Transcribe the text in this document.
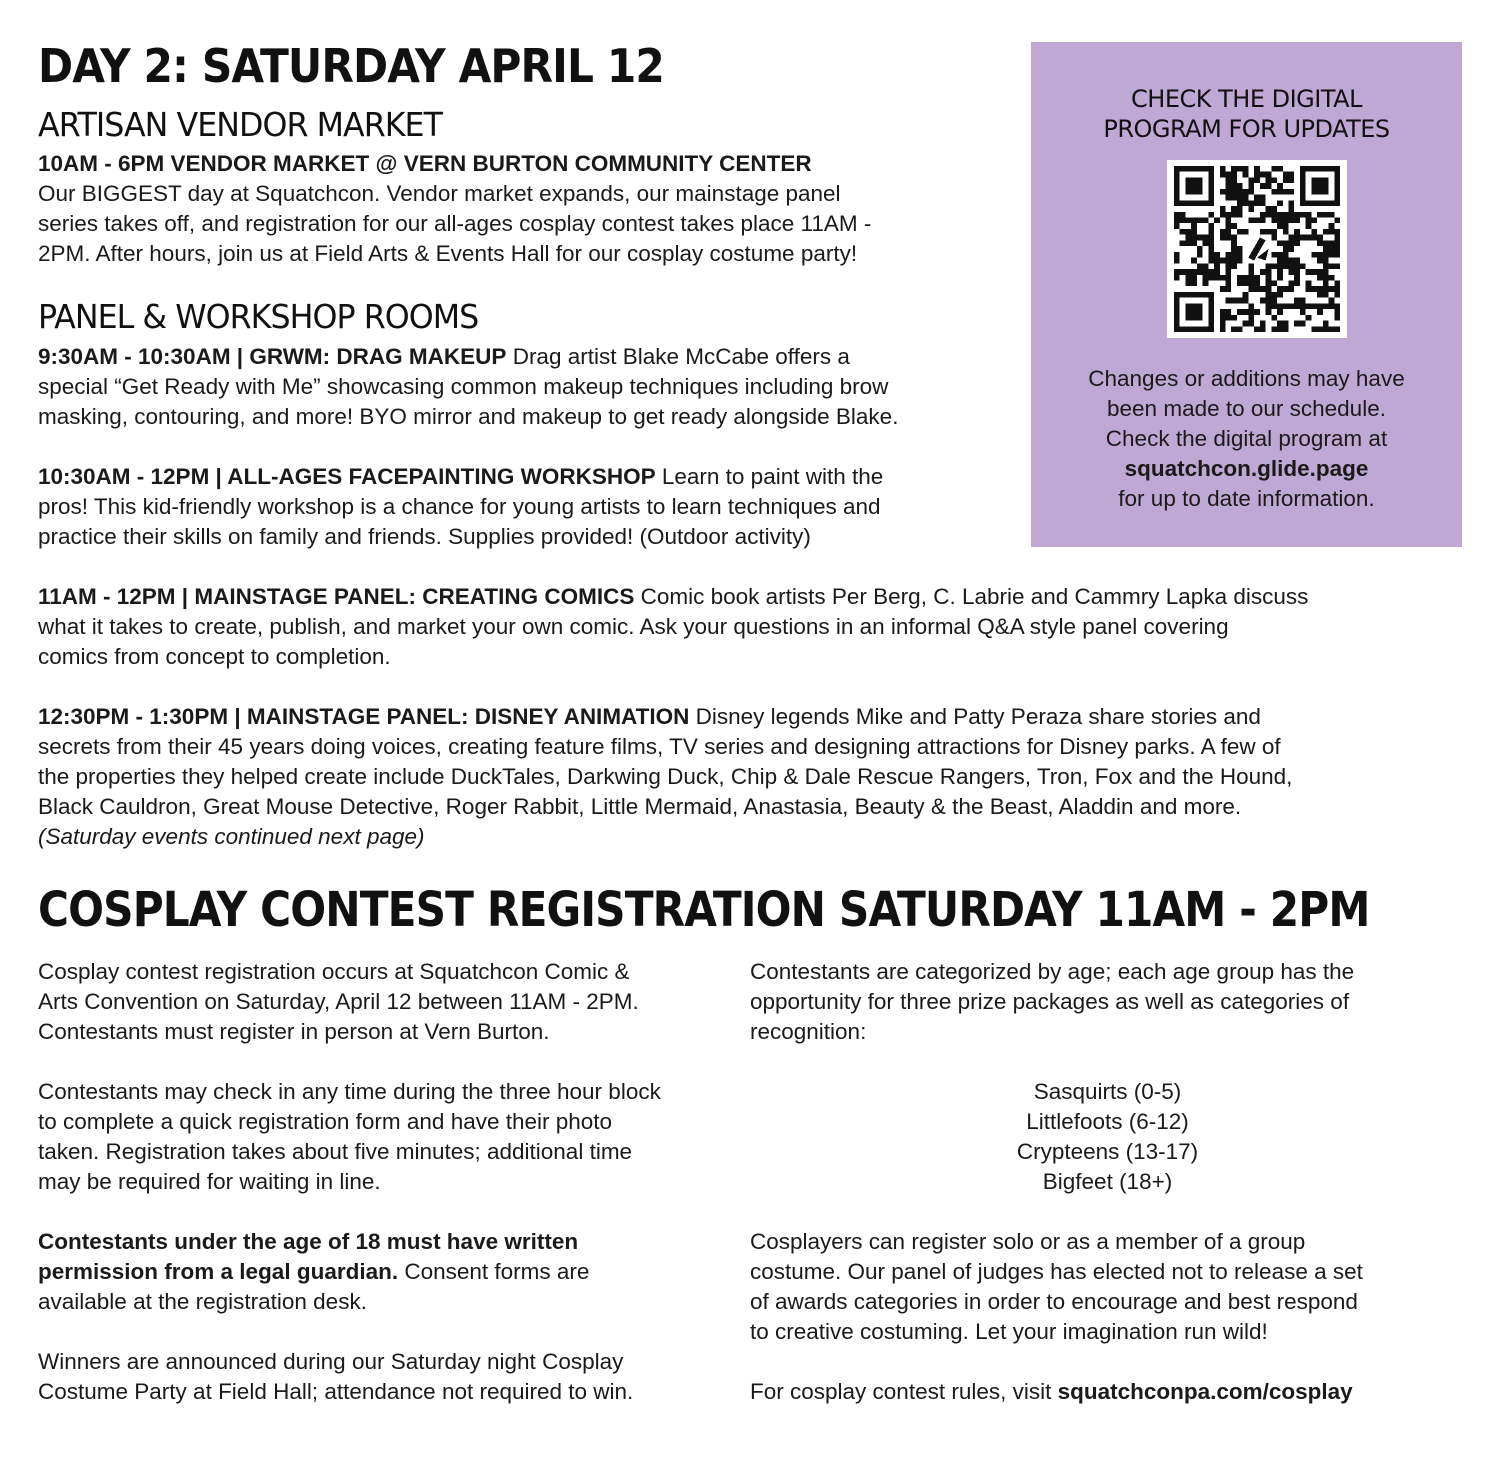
DAY 2: SATURDAY APRIL 12
ARTISAN VENDOR MARKET
10AM - 6PM VENDOR MARKET @ VERN BURTON COMMUNITY CENTER
Our BIGGEST day at Squatchcon. Vendor market expands, our mainstage panel
series takes off, and registration for our all-ages cosplay contest takes place 11AM -
2PM. After hours, join us at Field Arts & Events Hall for our cosplay costume party!
PANEL & WORKSHOP ROOMS
9:30AM - 10:30AM | GRWM: DRAG MAKEUP Drag artist Blake McCabe offers a
special “Get Ready with Me” showcasing common makeup techniques including brow
masking, contouring, and more! BYO mirror and makeup to get ready alongside Blake.
10:30AM - 12PM | ALL-AGES FACEPAINTING WORKSHOP Learn to paint with the
pros! This kid-friendly workshop is a chance for young artists to learn techniques and
practice their skills on family and friends. Supplies provided! (Outdoor activity)
11AM - 12PM | MAINSTAGE PANEL: CREATING COMICS Comic book artists Per Berg, C. Labrie and Cammry Lapka discuss
what it takes to create, publish, and market your own comic. Ask your questions in an informal Q&A style panel covering
comics from concept to completion.
12:30PM - 1:30PM | MAINSTAGE PANEL: DISNEY ANIMATION Disney legends Mike and Patty Peraza share stories and
secrets from their 45 years doing voices, creating feature films, TV series and designing attractions for Disney parks. A few of
the properties they helped create include DuckTales, Darkwing Duck, Chip & Dale Rescue Rangers, Tron, Fox and the Hound,
Black Cauldron, Great Mouse Detective, Roger Rabbit, Little Mermaid, Anastasia, Beauty & the Beast, Aladdin and more.
(Saturday events continued next page)
CHECK THE DIGITAL
PROGRAM FOR UPDATES
Changes or additions may have
been made to our schedule.
Check the digital program at
squatchcon.glide.page
for up to date information.
COSPLAY CONTEST REGISTRATION SATURDAY 11AM - 2PM
Cosplay contest registration occurs at Squatchcon Comic &
Arts Convention on Saturday, April 12 between 11AM - 2PM.
Contestants must register in person at Vern Burton.
Contestants may check in any time during the three hour block
to complete a quick registration form and have their photo
taken. Registration takes about five minutes; additional time
may be required for waiting in line.
Contestants under the age of 18 must have written
permission from a legal guardian. Consent forms are
available at the registration desk.
Winners are announced during our Saturday night Cosplay
Costume Party at Field Hall; attendance not required to win.
Contestants are categorized by age; each age group has the
opportunity for three prize packages as well as categories of
recognition:
Sasquirts (0-5)
Littlefoots (6-12)
Crypteens (13-17)
Bigfeet (18+)
Cosplayers can register solo or as a member of a group
costume. Our panel of judges has elected not to release a set
of awards categories in order to encourage and best respond
to creative costuming. Let your imagination run wild!
For cosplay contest rules, visit squatchconpa.com/cosplay
